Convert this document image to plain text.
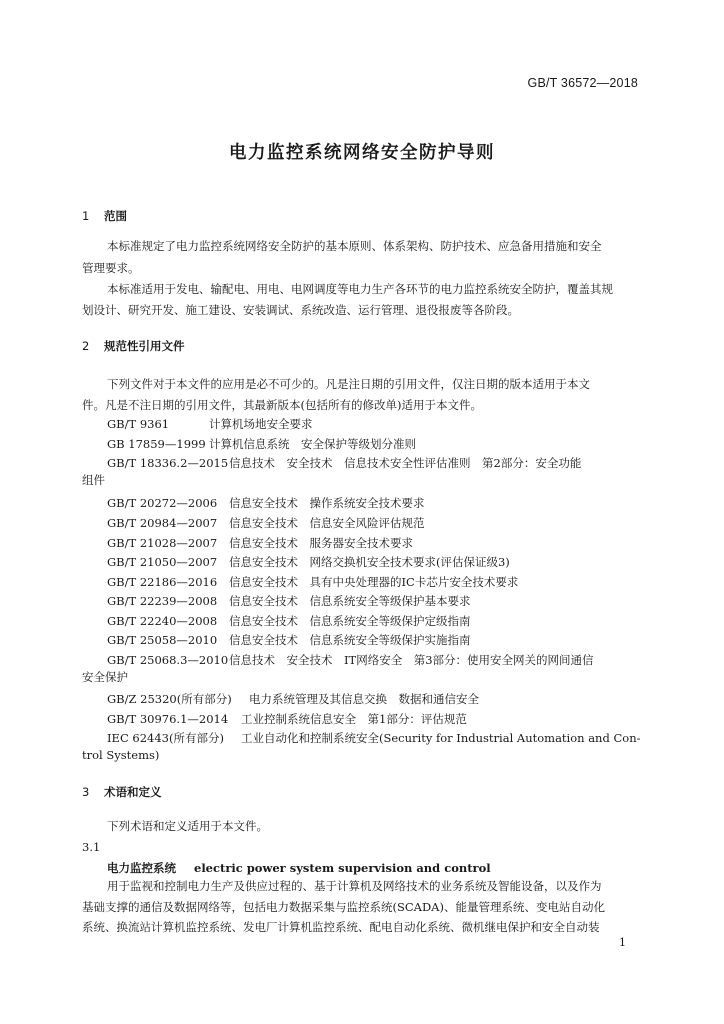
GB/T 36572—2018
电力监控系统网络安全防护导则
1 范围
本标准规定了电力监控系统网络安全防护的基本原则、体系架构、防护技术、应急备用措施和安全
管理要求。
本标准适用于发电、输配电、用电、电网调度等电力生产各环节的电力监控系统安全防护，覆盖其规
划设计、研究开发、施工建设、安装调试、系统改造、运行管理、退役报废等各阶段。
2 规范性引用文件
下列文件对于本文件的应用是必不可少的。凡是注日期的引用文件，仅注日期的版本适用于本文
件。凡是不注日期的引用文件，其最新版本(包括所有的修改单)适用于本文件。
GB/T 9361	计算机场地安全要求
GB 17859—1999 计算机信息系统　安全保护等级划分准则
GB/T 18336.2—2015信息技术　安全技术　信息技术安全性评估准则　第2部分：安全功能
组件
GB/T 20272—2006 信息安全技术　操作系统安全技术要求
GB/T 20984—2007 信息安全技术　信息安全风险评估规范
GB/T 21028—2007 信息安全技术　服务器安全技术要求
GB/T 21050—2007 信息安全技术　网络交换机安全技术要求(评估保证级3)
GB/T 22186—2016 信息安全技术　具有中央处理器的IC卡芯片安全技术要求
GB/T 22239—2008 信息安全技术　信息系统安全等级保护基本要求
GB/T 22240—2008 信息安全技术　信息系统安全等级保护定级指南
GB/T 25058—2010 信息安全技术　信息系统安全等级保护实施指南
GB/T 25068.3—2010信息技术　安全技术　IT网络安全　第3部分：使用安全网关的网间通信
安全保护
GB/Z 25320(所有部分) 电力系统管理及其信息交换　数据和通信安全
GB/T 30976.1—2014 工业控制系统信息安全　第1部分：评估规范
IEC 62443(所有部分) 工业自动化和控制系统安全(Security for Industrial Automation and Con-
trol Systems)
3 术语和定义
下列术语和定义适用于本文件。
3.1
电力监控系统 electric power system supervision and control
用于监视和控制电力生产及供应过程的、基于计算机及网络技术的业务系统及智能设备，以及作为
基础支撑的通信及数据网络等，包括电力数据采集与监控系统(SCADA)、能量管理系统、变电站自动化
系统、换流站计算机监控系统、发电厂计算机监控系统、配电自动化系统、微机继电保护和安全自动装
1
